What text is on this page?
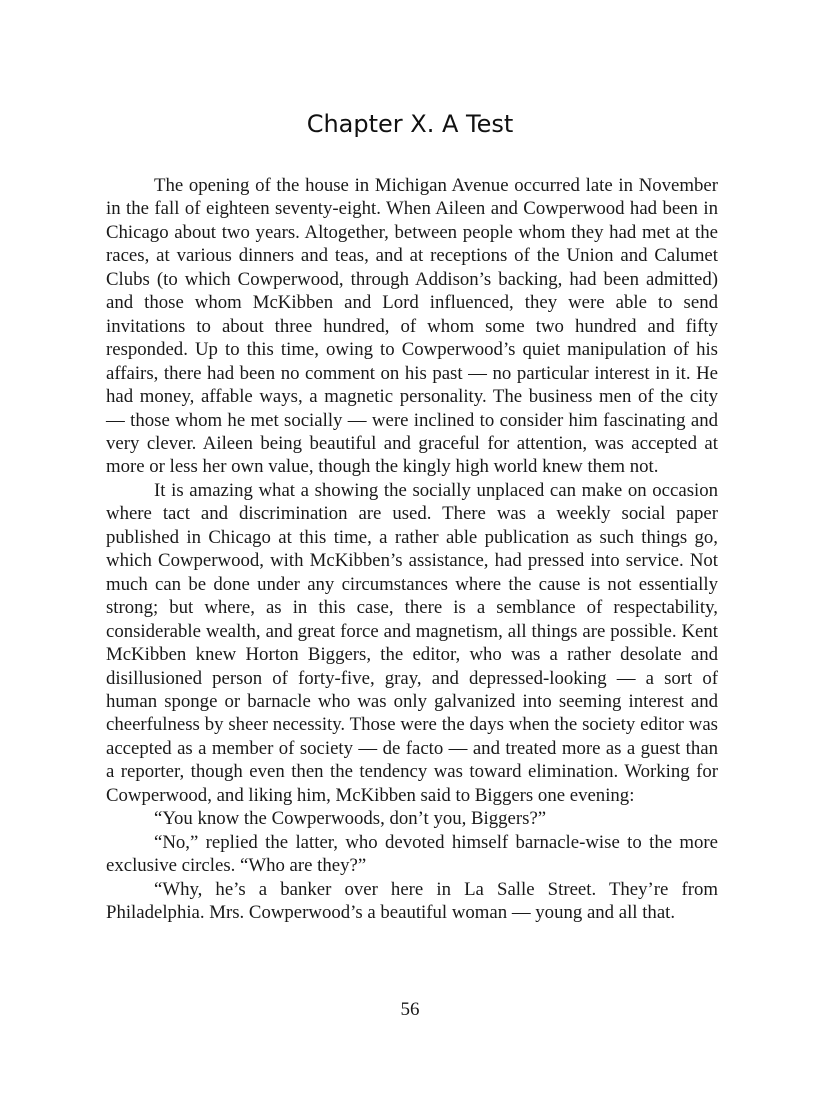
Chapter X. A Test

The opening of the house in Michigan Avenue occurred late in November in the fall of eighteen seventy-eight. When Aileen and Cowperwood had been in Chicago about two years. Altogether, between people whom they had met at the races, at various dinners and teas, and at receptions of the Union and Calumet Clubs (to which Cowperwood, through Addison’s backing, had been admitted) and those whom McKibben and Lord influenced, they were able to send invitations to about three hundred, of whom some two hundred and fifty responded. Up to this time, owing to Cowperwood’s quiet manipulation of his affairs, there had been no comment on his past — no particular interest in it. He had money, affable ways, a magnetic personality. The business men of the city — those whom he met socially — were inclined to consider him fascinating and very clever. Aileen being beautiful and graceful for attention, was accepted at more or less her own value, though the kingly high world knew them not.

It is amazing what a showing the socially unplaced can make on occasion where tact and discrimination are used. There was a weekly social paper published in Chicago at this time, a rather able publication as such things go, which Cowperwood, with McKibben’s assistance, had pressed into service. Not much can be done under any circumstances where the cause is not essentially strong; but where, as in this case, there is a semblance of respectability, considerable wealth, and great force and magnetism, all things are possible. Kent McKibben knew Horton Biggers, the editor, who was a rather desolate and disillusioned person of forty-five, gray, and depressed-looking — a sort of human sponge or barnacle who was only galvanized into seeming interest and cheerfulness by sheer necessity. Those were the days when the society editor was accepted as a member of society — de facto — and treated more as a guest than a reporter, though even then the tendency was toward elimination. Working for Cowperwood, and liking him, McKibben said to Biggers one evening:

“You know the Cowperwoods, don’t you, Biggers?”

“No,” replied the latter, who devoted himself barnacle-wise to the more exclusive circles. “Who are they?”

“Why, he’s a banker over here in La Salle Street. They’re from Philadelphia. Mrs. Cowperwood’s a beautiful woman — young and all that.

56
